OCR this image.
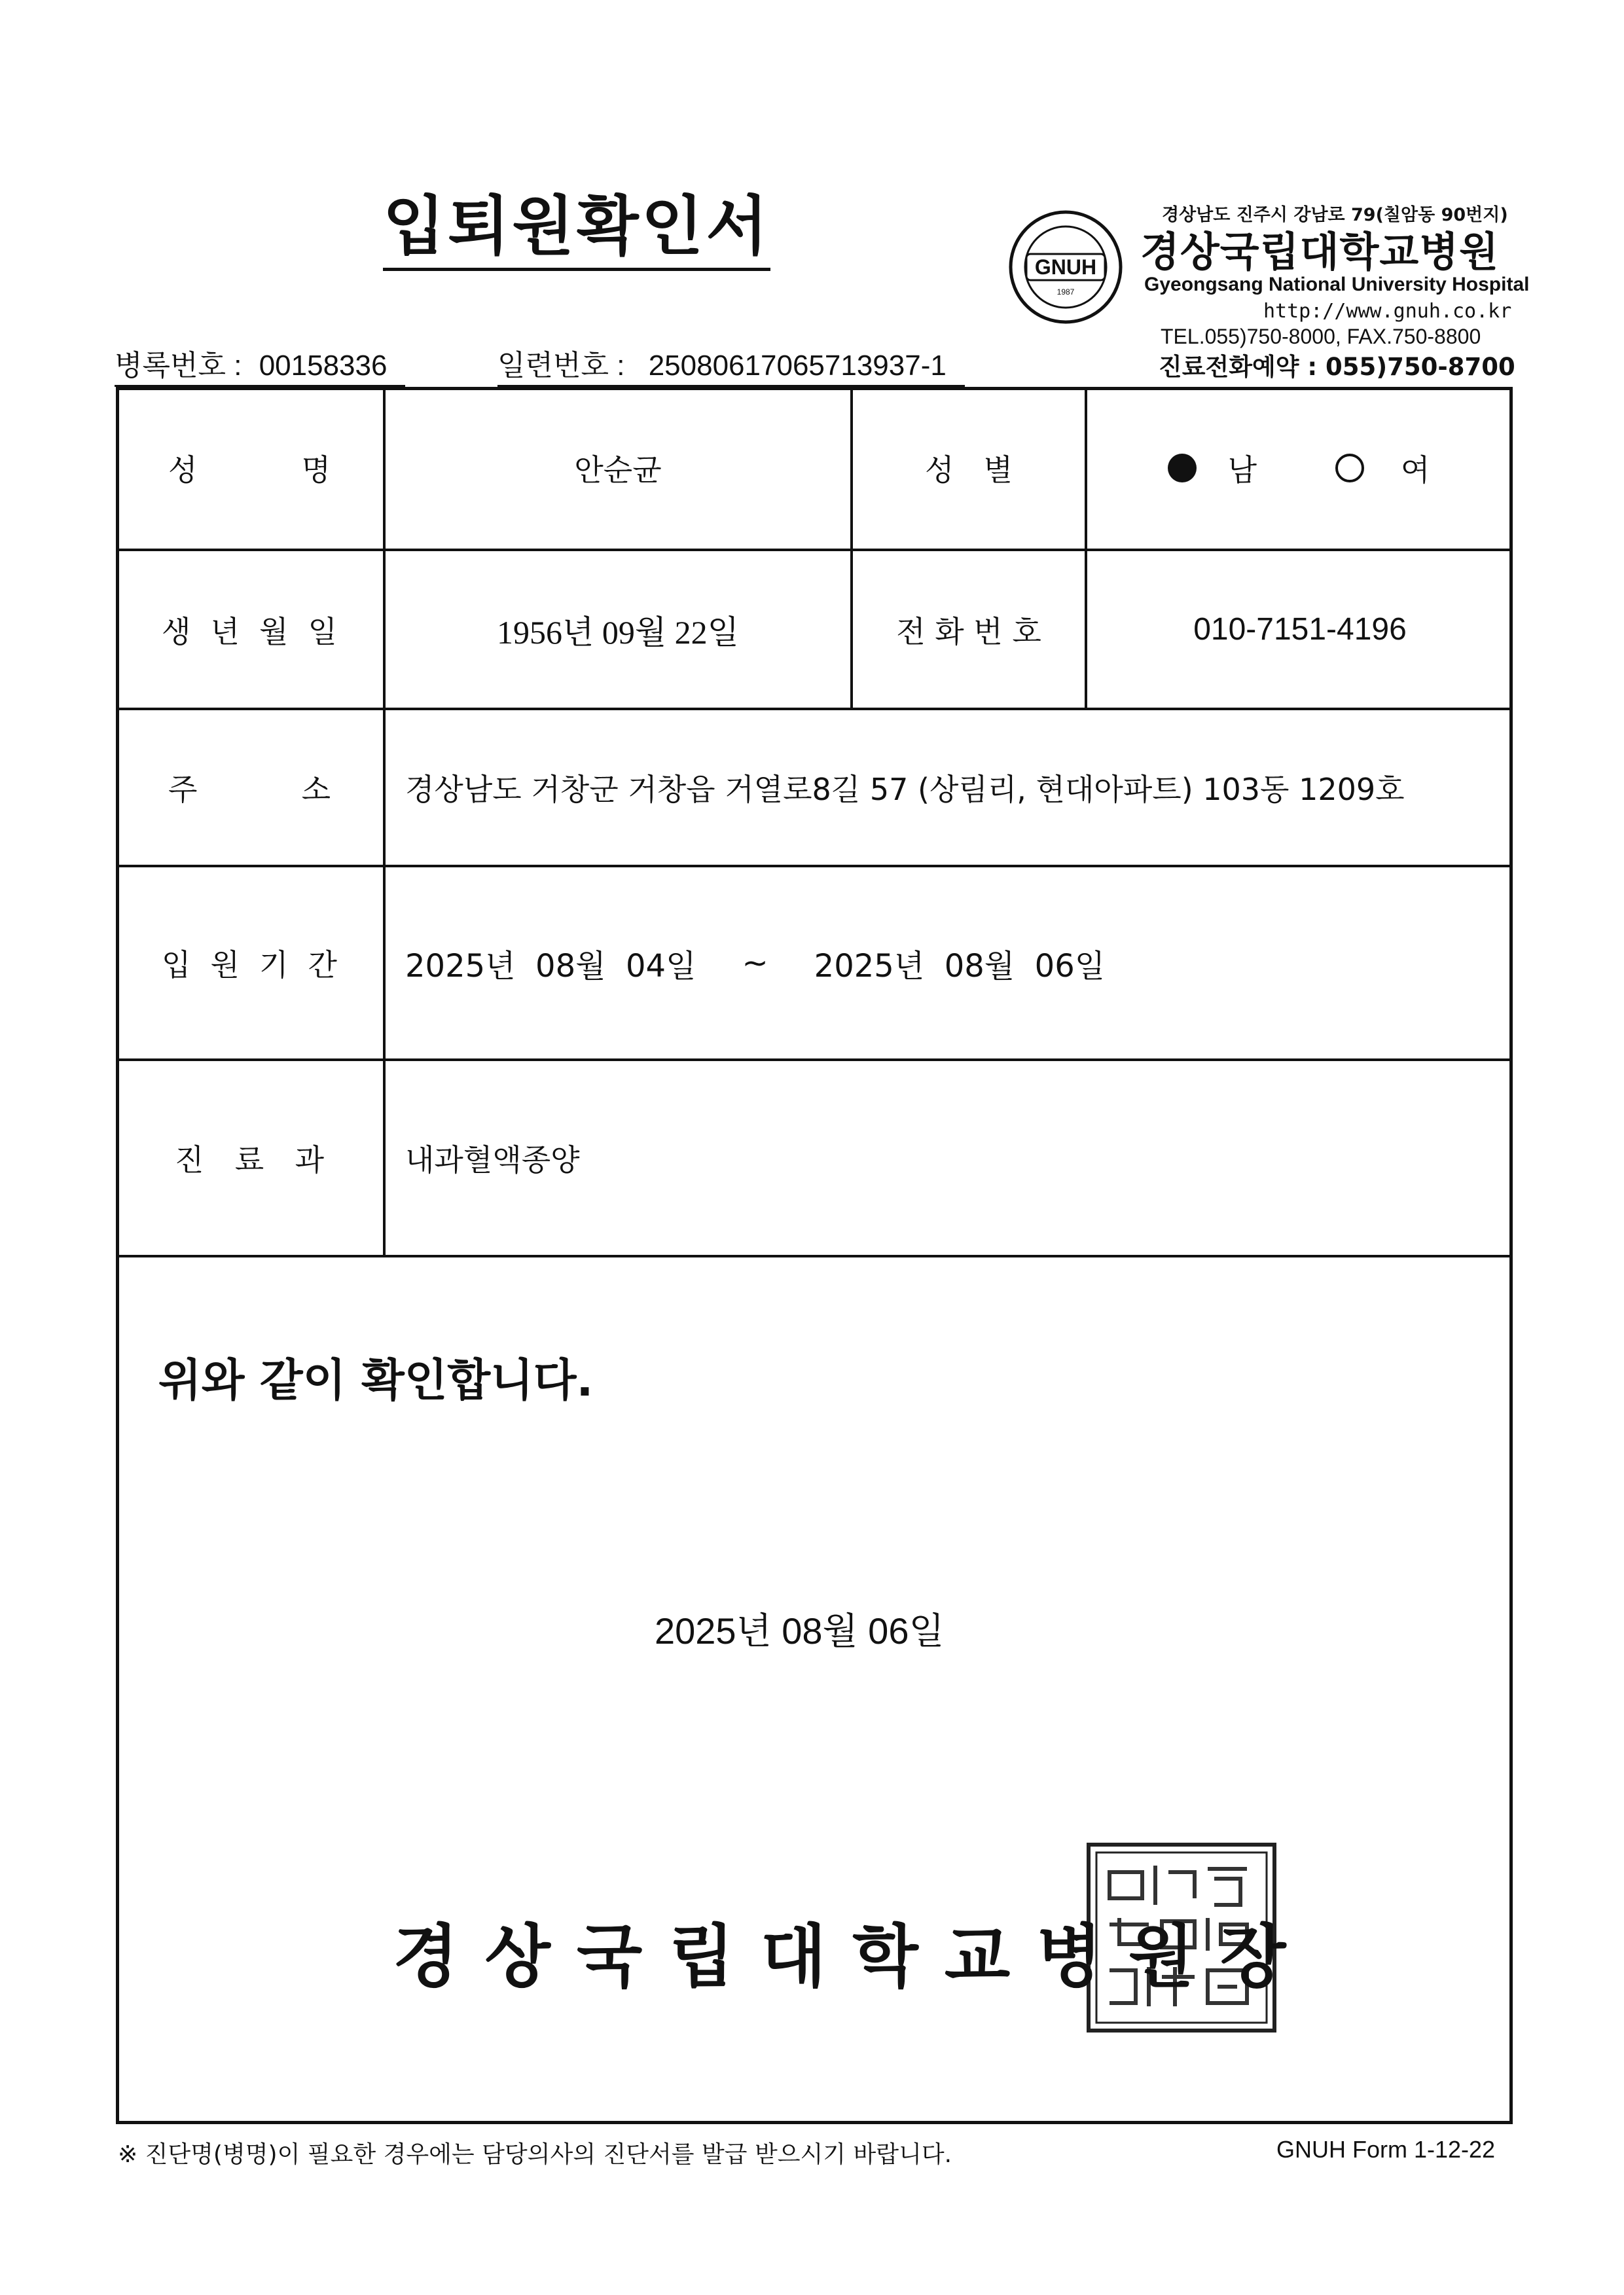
입퇴원확인서
GNUH
1987
경상남도 진주시 강남로 79(칠암동 90번지)
경상국립대학교병원
Gyeongsang National University Hospital
http://www.gnuh.co.kr
TEL.055)750-8000, FAX.750-8800
진료전화예약 : 055)750-8700
병록번호 : 00158336	일련번호 : 25080617065713937-1
성	명	안순균	성 별	남	여
생 년 월 일	1956년 09월 22일	전 화 번 호	010-7151-4196
주	소	경상남도 거창군 거창읍 거열로8길 57 (상림리, 현대아파트) 103동 1209호
입 원 기 간 2025년  08월  04일 ~ 2025년  08월  06일
진 료 과	내과혈액종양
위와 같이 확인합니다.
2025년 08월 06일
경상국립대학교병원장
※ 진단명(병명)이 필요한 경우에는 담당의사의 진단서를 발급 받으시기 바랍니다.	GNUH Form 1-12-22
